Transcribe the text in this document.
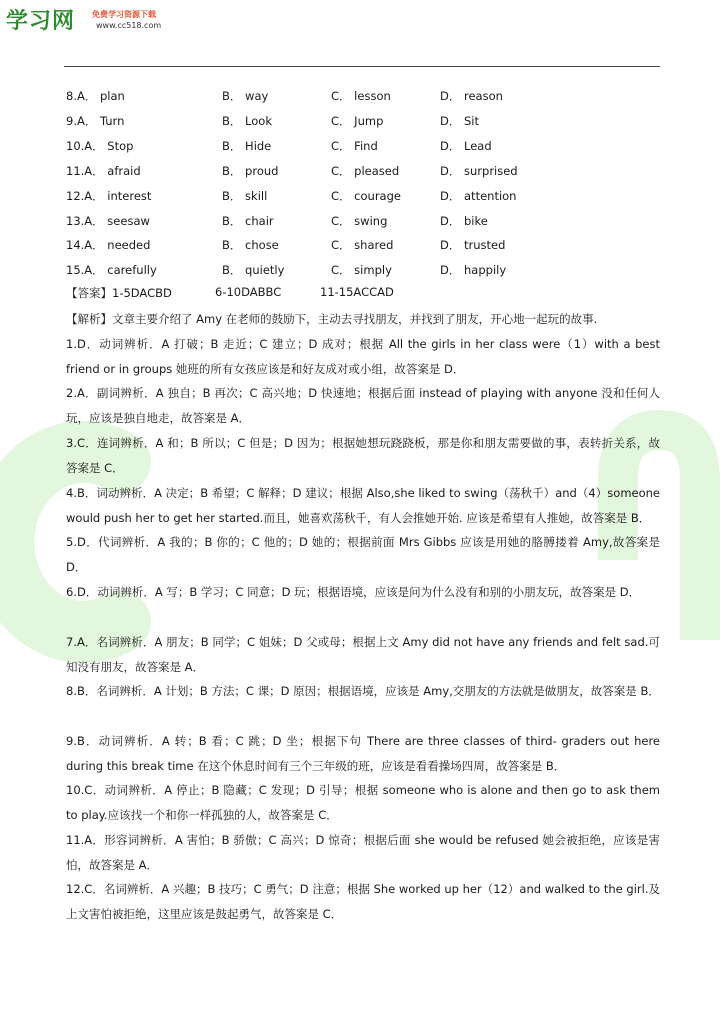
学习网 免费学习资源下载
www.cc518.com
8.A． plan	B． way	C． lesson	D． reason
9.A． Turn	B． Look	C． Jump	D． Sit
10.A． Stop	B． Hide	C． Find	D． Lead
11.A． afraid	B． proud	C． pleased	D． surprised
12.A． interest	B． skill	C． courage	D． attention
13.A． seesaw	B． chair	C． swing	D． bike
14.A． needed	B． chose	C． shared	D． trusted
15.A． carefully	B． quietly	C． simply	D． happily
【答案】1-5DACBD	6-10DABBC	11-15ACCAD
【解析】文章主要介绍了 Amy 在老师的鼓励下，主动去寻找朋友，并找到了朋友，开心地一起玩的故事.
1.D．动词辨析．A 打破；B 走近；C 建立；D 成对；根据 All the girls in her class were（1）with a best friend or in groups 她班的所有女孩应该是和好友成对或小组，故答案是 D．
2.A．副词辨析．A 独自；B 再次；C 高兴地；D 快速地；根据后面 instead of playing with anyone 没和任何人玩，应该是独自地走，故答案是 A．
3.C．连词辨析．A 和；B 所以；C 但是；D 因为；根据她想玩跷跷板，那是你和朋友需要做的事，表转折关系，故答案是 C．
4.B．词动辨析．A 决定；B 希望；C 解释；D 建议；根据 Also,she liked to swing（荡秋千）and（4）someone would push her to get her started.而且，她喜欢荡秋千，有人会推她开始. 应该是希望有人推她，故答案是 B．
5.D．代词辨析．A 我的；B 你的；C 他的；D 她的；根据前面 Mrs Gibbs 应该是用她的胳膊搂着 Amy,故答案是 D．
6.D．动词辨析．A 写；B 学习；C 同意；D 玩；根据语境，应该是问为什么没有和别的小朋友玩，故答案是 D．
7.A．名词辨析．A 朋友；B 同学；C 姐妹；D 父或母；根据上文 Amy did not have any friends and felt sad.可知没有朋友，故答案是 A．
8.B．名词辨析．A 计划；B 方法；C 课；D 原因；根据语境，应该是 Amy,交朋友的方法就是做朋友，故答案是 B．
9.B．动词辨析．A 转；B 看；C 跳；D 坐；根据下句 There are three classes of third- graders out here during this break time 在这个休息时间有三个三年级的班，应该是看看操场四周，故答案是 B．
10.C．动词辨析．A 停止；B 隐藏；C 发现；D 引导；根据 someone who is alone and then go to ask them to play.应该找一个和你一样孤独的人，故答案是 C．
11.A．形容词辨析．A 害怕；B 骄傲；C 高兴；D 惊奇；根据后面 she would be refused 她会被拒绝，应该是害怕，故答案是 A．
12.C．名词辨析．A 兴趣；B 技巧；C 勇气；D 注意；根据 She worked up her（12）and walked to the girl.及上文害怕被拒绝，这里应该是鼓起勇气，故答案是 C．
